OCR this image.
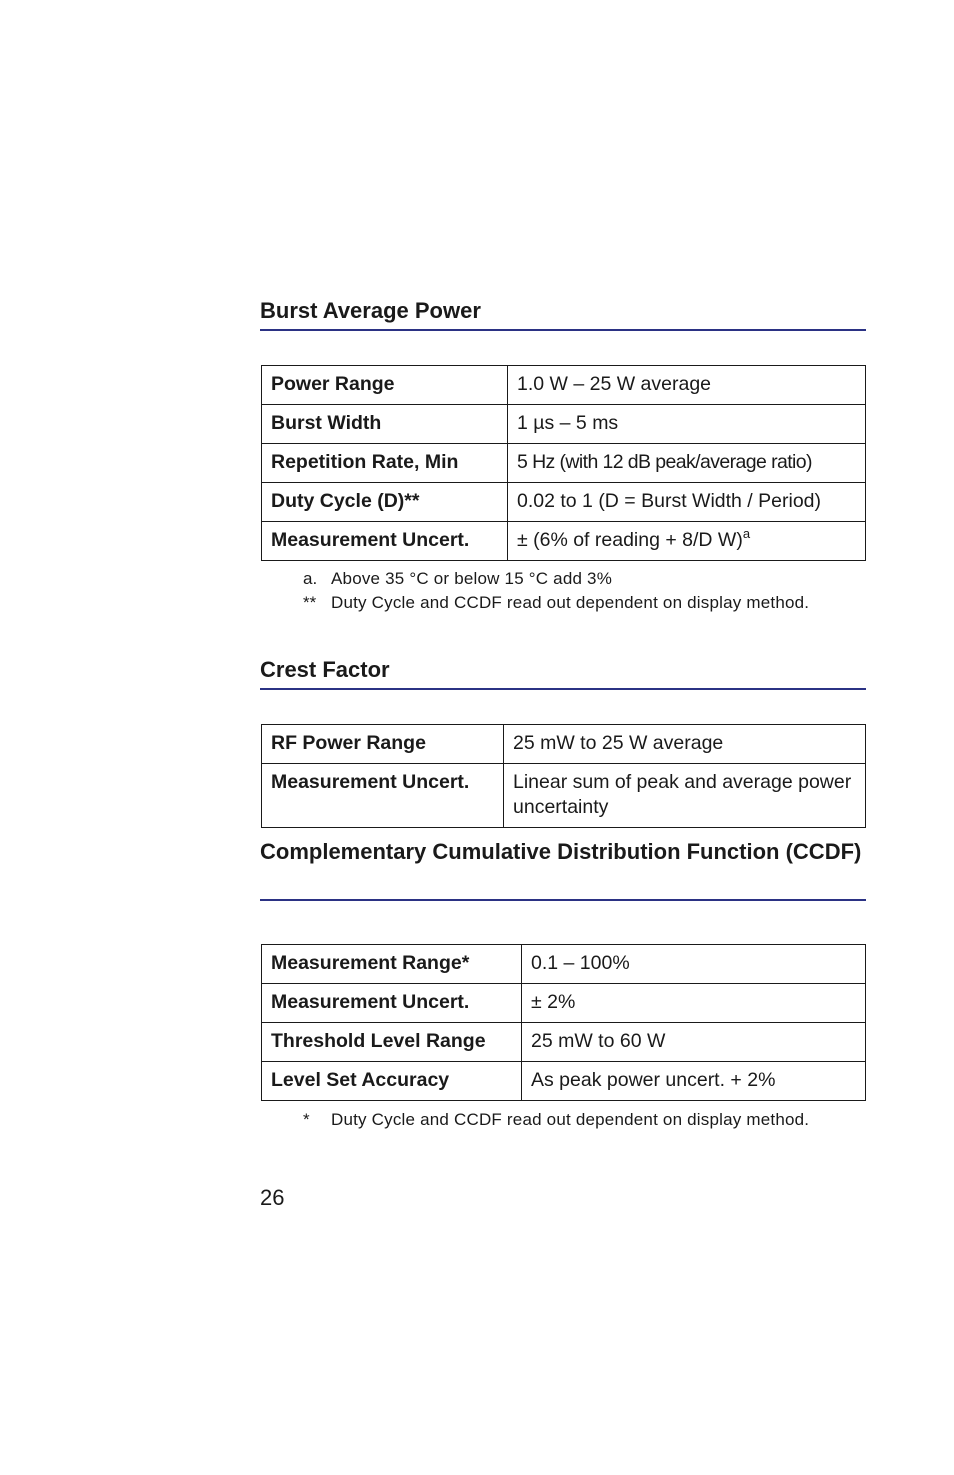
Burst Average Power
Power Range	1.0 W – 25 W average
Burst Width	1 µs – 5 ms
Repetition Rate, Min	5 Hz (with 12 dB peak/average ratio)
Duty Cycle (D)**	0.02 to 1 (D = Burst Width / Period)
Measurement Uncert.	± (6% of reading + 8/D W)$^a$
a. Above 35 °C or below 15 °C add 3%
** Duty Cycle and CCDF read out dependent on display method.
Crest Factor
RF Power Range	25 mW to 25 W average
Measurement Uncert.	Linear sum of peak and average power uncertainty
Complementary Cumulative Distribution Function (CCDF)
Measurement Range*	0.1 – 100%
Measurement Uncert.	± 2%
Threshold Level Range	25 mW to 60 W
Level Set Accuracy	As peak power uncert. + 2%
*	Duty Cycle and CCDF read out dependent on display method.
26
